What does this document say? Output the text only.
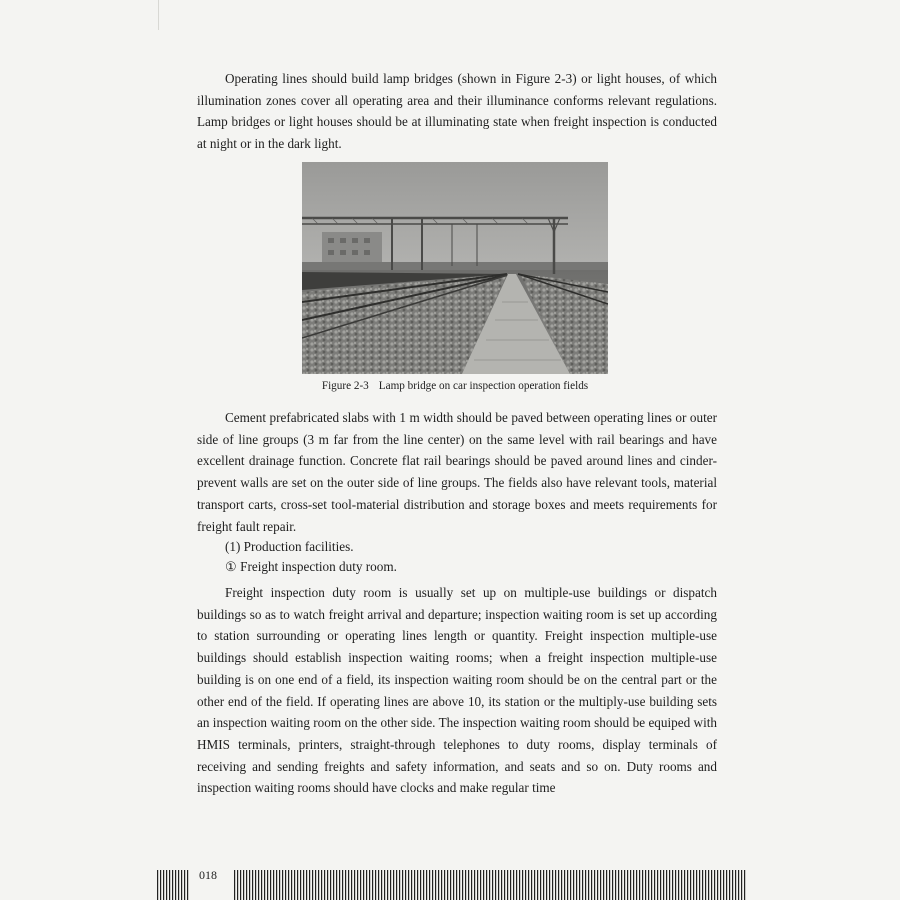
Operating lines should build lamp bridges (shown in Figure 2-3) or light houses, of which illumination zones cover all operating area and their illuminance conforms relevant regulations. Lamp bridges or light houses should be at illuminating state when freight inspection is conducted at night or in the dark light.

Figure 2-3 Lamp bridge on car inspection operation fields

Cement prefabricated slabs with 1 m width should be paved between operating lines or outer side of line groups (3 m far from the line center) on the same level with rail bearings and have excellent drainage function. Concrete flat rail bearings should be paved around lines and cinder-prevent walls are set on the outer side of line groups. The fields also have relevant tools, material transport carts, cross-set tool-material distribution and storage boxes and meets requirements for freight fault repair.

(1) Production facilities.

① Freight inspection duty room.

Freight inspection duty room is usually set up on multiple-use buildings or dispatch buildings so as to watch freight arrival and departure; inspection waiting room is set up according to station surrounding or operating lines length or quantity. Freight inspection multiple-use buildings should establish inspection waiting rooms; when a freight inspection multiple-use building is on one end of a field, its inspection waiting room should be on the central part or the other end of the field. If operating lines are above 10, its station or the multiply-use building sets an inspection waiting room on the other side. The inspection waiting room should be equiped with HMIS terminals, printers, straight-through telephones to duty rooms, display terminals of receiving and sending freights and safety information, and seats and so on. Duty rooms and inspection waiting rooms should have clocks and make regular time

018
